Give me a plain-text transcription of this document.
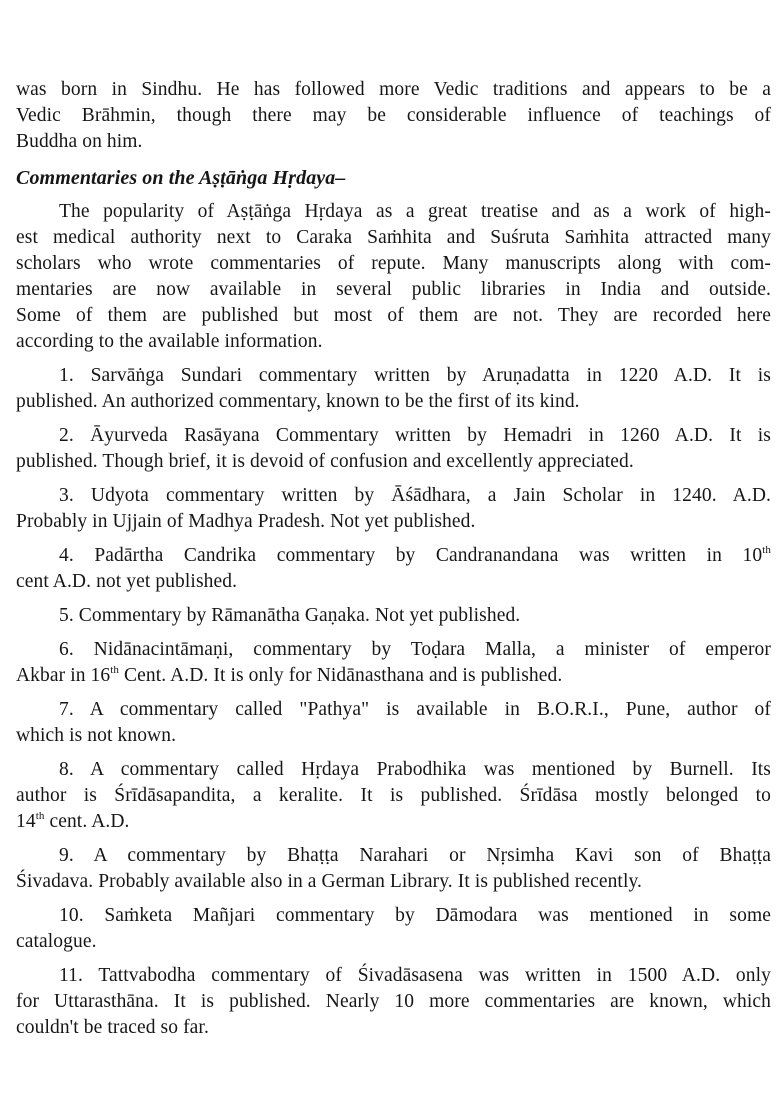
was born in Sindhu. He has followed more Vedic traditions and appears to be a
Vedic Brāhmin, though there may be considerable influence of teachings of
Buddha on him.
Commentaries on the Aṣṭāṅga Hṛdaya–
The popularity of Aṣṭāṅga Hṛdaya as a great treatise and as a work of high-
est medical authority next to Caraka Saṁhita and Suśruta Saṁhita attracted many
scholars who wrote commentaries of repute. Many manuscripts along with com-
mentaries are now available in several public libraries in India and outside.
Some of them are published but most of them are not. They are recorded here
according to the available information.
1. Sarvāṅga Sundari commentary written by Aruṇadatta in 1220 A.D. It is
published. An authorized commentary, known to be the first of its kind.
2. Āyurveda Rasāyana Commentary written by Hemadri in 1260 A.D. It is
published. Though brief, it is devoid of confusion and excellently appreciated.
3. Udyota commentary written by Āśādhara, a Jain Scholar in 1240. A.D.
Probably in Ujjain of Madhya Pradesh. Not yet published.
4. Padārtha Candrika commentary by Candranandana was written in 10th
cent A.D. not yet published.
5. Commentary by Rāmanātha Gaṇaka. Not yet published.
6. Nidānacintāmaṇi, commentary by Toḍara Malla, a minister of emperor
Akbar in 16th Cent. A.D. It is only for Nidānasthana and is published.
7. A commentary called "Pathya" is available in B.O.R.I., Pune, author of
which is not known.
8. A commentary called Hṛdaya Prabodhika was mentioned by Burnell. Its
author is Śrīdāsapandita, a keralite. It is published. Śrīdāsa mostly belonged to
14th cent. A.D.
9. A commentary by Bhaṭṭa Narahari or Nṛsimha Kavi son of Bhaṭṭa
Śivadava. Probably available also in a German Library. It is published recently.
10. Saṁketa Mañjari commentary by Dāmodara was mentioned in some
catalogue.
11. Tattvabodha commentary of Śivadāsasena was written in 1500 A.D. only
for Uttarasthāna. It is published. Nearly 10 more commentaries are known, which
couldn't be traced so far.
